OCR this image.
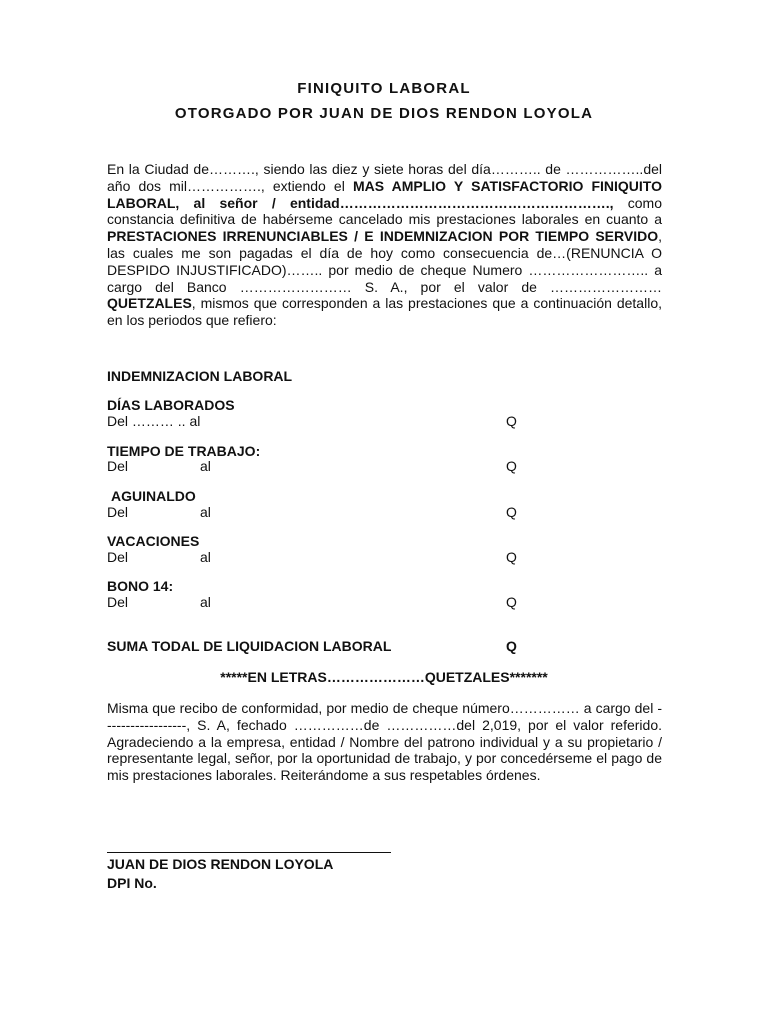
FINIQUITO LABORAL
OTORGADO POR JUAN DE DIOS RENDON LOYOLA
En la Ciudad de………., siendo las diez y siete horas del día……….. de ……………..del año dos mil……………., extiendo el MAS AMPLIO Y SATISFACTORIO FINIQUITO LABORAL, al señor / entidad…………………………………………………., como constancia definitiva de habérseme cancelado mis prestaciones laborales en cuanto a PRESTACIONES IRRENUNCIABLES / E INDEMNIZACION POR TIEMPO SERVIDO, las cuales me son pagadas el día de hoy como consecuencia de…(RENUNCIA O DESPIDO INJUSTIFICADO)…….. por medio de cheque Numero …………………….. a cargo del Banco …………………… S. A., por el valor de …………………… QUETZALES, mismos que corresponden a las prestaciones que a continuación detallo, en los periodos que refiero:
INDEMNIZACION LABORAL
DÍAS LABORADOS
Del ……… .. al	Q
TIEMPO DE TRABAJO:
Del	al	Q
AGUINALDO
Del	al	Q
VACACIONES
Del	al	Q
BONO 14:
Del	al	Q
SUMA TODAL DE LIQUIDACION LABORAL	Q
*****EN LETRAS…………………QUETZALES*******
Misma que recibo de conformidad, por medio de cheque número…………… a cargo del ------------------, S. A, fechado ……………de ……………del 2,019, por el valor referido. Agradeciendo a la empresa, entidad / Nombre del patrono individual y a su propietario / representante legal, señor, por la oportunidad de trabajo, y por concedérseme el pago de mis prestaciones laborales. Reiterándome a sus respetables órdenes.
JUAN DE DIOS RENDON LOYOLA
DPI No.
